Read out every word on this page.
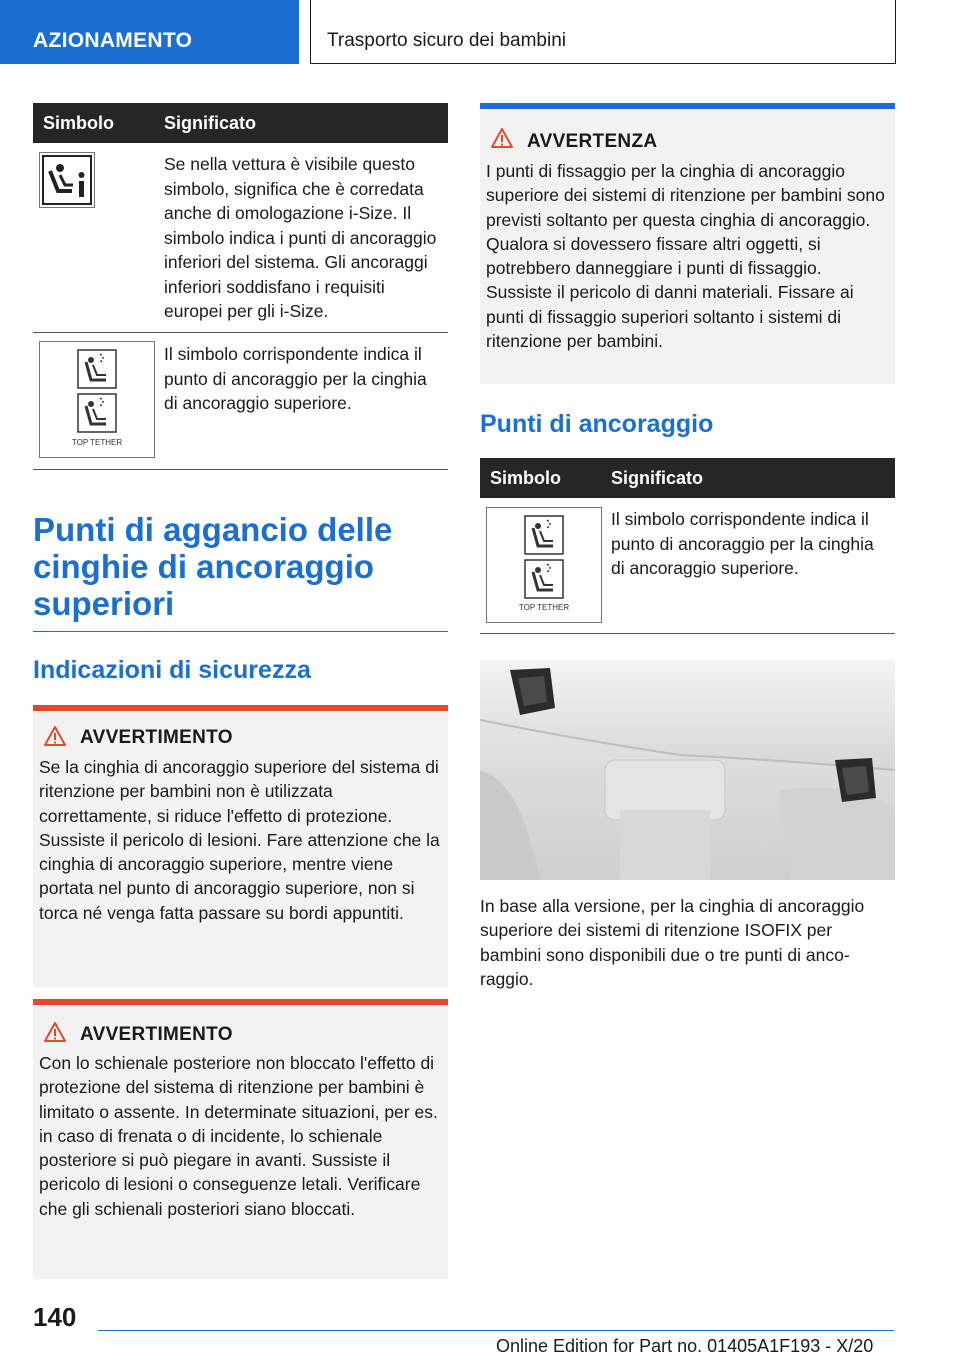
AZIONAMENTO	Trasporto sicuro dei bambini
Simbolo	Significato
Se nella vettura è visibile questo simbolo, significa che è corredata anche di omologazione i-Size. Il simbolo indica i punti di ancoraggio inferiori del sistema. Gli ancoraggi inferiori soddisfano i requisiti europei per gli i-Size.
TOP TETHER
Il simbolo corrispondente indica il punto di ancoraggio per la cinghia di ancoraggio superiore.
Punti di aggancio delle cinghie di ancoraggio superiori
Indicazioni di sicurezza
AVVERTIMENTO
Se la cinghia di ancoraggio superiore del sistema di ritenzione per bambini non è utilizzata correttamente, si riduce l'effetto di protezione. Sussiste il pericolo di lesioni. Fare attenzione che la cinghia di ancoraggio superiore, mentre viene portata nel punto di ancoraggio superiore, non si torca né venga fatta passare su bordi appuntiti.
AVVERTIMENTO
Con lo schienale posteriore non bloccato l'effetto di protezione del sistema di ritenzione per bambini è limitato o assente. In determinate situazioni, per es. in caso di frenata o di incidente, lo schienale posteriore si può piegare in avanti. Sussiste il pericolo di lesioni o conseguenze letali. Verificare che gli schienali posteriori siano bloccati.
AVVERTENZA
I punti di fissaggio per la cinghia di ancoraggio superiore dei sistemi di ritenzione per bambini sono previsti soltanto per questa cinghia di ancoraggio. Qualora si dovessero fissare altri oggetti, si potrebbero danneggiare i punti di fissaggio. Sussiste il pericolo di danni materiali. Fissare ai punti di fissaggio superiori soltanto i sistemi di ritenzione per bambini.
Punti di ancoraggio
Simbolo	Significato
TOP TETHER
Il simbolo corrispondente indica il punto di ancoraggio per la cinghia di ancoraggio superiore.
In base alla versione, per la cinghia di ancoraggio superiore dei sistemi di ritenzione ISOFIX per bambini sono disponibili due o tre punti di ancoraggio.
140
Online Edition for Part no. 01405A1F193 - X/20
